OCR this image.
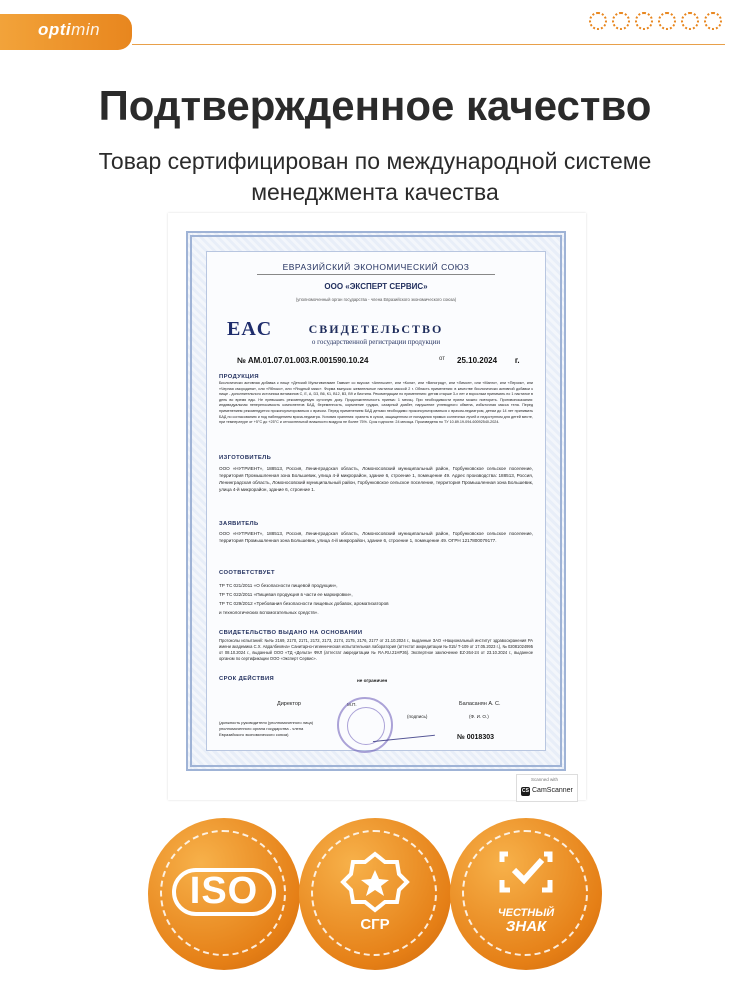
optimin
Подтвержденное качество
Товар сертифицирован по международной системе менеджмента качества
ЕВРАЗИЙСКИЙ ЭКОНОМИЧЕСКИЙ СОЮЗ
ООО «ЭКСПЕРТ СЕРВИС»
(уполномоченный орган государства - члена Евразийского экономического союза)
EAC	СВИДЕТЕЛЬСТВО
о государственной регистрации продукции
№ AM.01.07.01.003.R.001590.10.24	от 25.10.2024 г.
ПРОДУКЦИЯ
Биологически активная добавка к пище «Детский Мультивитамин Гамми» со вкусом: «Апельсин», или «Кола», или «Виноград», или «Лимон», или «Манго», или «Персик», или «Черная смородина», или «Яблоко», или «Ягодный микс». Форма выпуска: жевательные пастилки массой 2 г. Область применения: в качестве биологически активной добавки к пище - дополнительного источника витаминов С, Е, А, D3, В6, К1, В12, В3, В9 и биотина. Рекомендации по применению: детям старше 3-х лет и взрослым принимать по 1 пастилке в день во время еды. Не превышать рекомендуемую суточную дозу. Продолжительность приема: 1 месяц. При необходимости прием можно повторить. Противопоказания: индивидуальная непереносимость компонентов БАД, беременность, кормление грудью, сахарный диабет, нарушение углеводного обмена, избыточная масса тела. Перед применением рекомендуется проконсультироваться с врачом. Перед применением БАД детьми необходимо проконсультироваться с врачом-педиатром, детям до 14 лет принимать БАД по согласованию и под наблюдением врача-педиатра. Условия хранения: хранить в сухом, защищенном от попадания прямых солнечных лучей и недоступном для детей месте, при температуре от +5°С до +25°С и относительной влажности воздуха не более 75%. Срок годности: 24 месяца. Произведена по ТУ 10.89.19-094-60092540-2024.
ИЗГОТОВИТЕЛЬ
ООО «НУТРИЕНТ», 188513, Россия, Ленинградская область, Ломоносовский муниципальный район, Горбунковское сельское поселение, территория Промышленная зона Большевик, улица 4-й микрорайон, здание 6, строение 1, помещение 49. Адрес производства: 188513, Россия, Ленинградская область, Ломоносовский муниципальный район, Горбунковское сельское поселение, территория Промышленная зона Большевик, улица 4-й микрорайон, здание 6, строение 1.
ЗАЯВИТЕЛЬ
ООО «НУТРИЕНТ», 188513, Россия, Ленинградская область, Ломоносовский муниципальный район, Горбунковское сельское поселение, территория Промышленная зона Большевик, улица 4-й микрорайон, здание 6, строение 1, помещение 49. ОГРН 1217800079177.
СООТВЕТСТВУЕТ
ТР ТС 021/2011 «О безопасности пищевой продукции»,
ТР ТС 022/2011 «Пищевая продукция в части ее маркировки»,
ТР ТС 029/2012 «Требования безопасности пищевых добавок, ароматизаторов
и технологических вспомогательных средств».
СВИДЕТЕЛЬСТВО ВЫДАНО НА ОСНОВАНИИ
Протоколы испытаний: №№ 2169, 2170, 2171, 2172, 2173, 2174, 2175, 2176, 2177 от 21.10.2024 г., выданные ЗАО «Национальный институт здравоохранения РА имени академика С.Х. Авдалбекяна» Санитарно-гигиеническая испытательная лаборатория (аттестат аккредитации № 015/ Т-109 от 17.05.2023 г.), № 02081024995 от 08.10.2024 г., выданный ООО «ТД «Дельта» ФКЛ (аттестат аккредитации № RA.RU.21НР36). Экспертное заключение ЕZ-264-24 от 23.10.2024 г., выданное органом по сертификации ООО «Эксперт Сервис».
СРОК ДЕЙСТВИЯ	не ограничен
Директор	М.П.
(подпись)
Баласанян А. С.
(Ф. И. О.)
(должность руководителя (уполномоченного лица) уполномоченного органа государства - члена Евразийского экономического союза)	№ 0018303
Scanned with
CS CamScanner
ISO
СГР
ЧЕСТНЫЙ
ЗНАК
